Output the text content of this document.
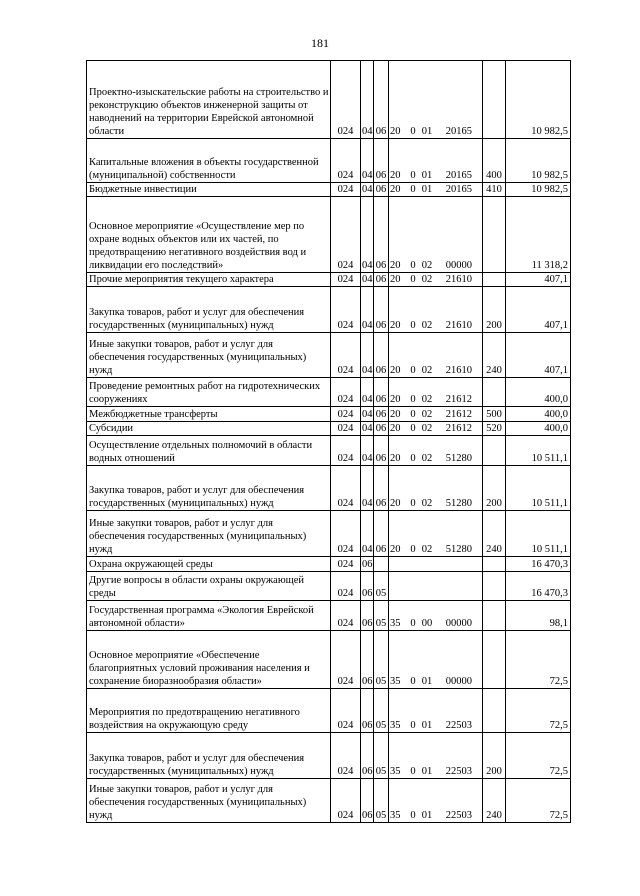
181
Проектно-изыскательские работы на строительство и реконструкцию объектов инженерной защиты от наводнений на территории Еврейской автономной области	024	04	06	20 0 01 20165		10 982,5
Капитальные вложения в объекты государственной (муниципальной) собственности	024	04	06	20 0 01 20165	400	10 982,5
Бюджетные инвестиции	024	04	06	20 0 01 20165	410	10 982,5
Основное мероприятие «Осуществление мер по охране водных объектов или их частей, по предотвращению негативного воздействия вод и ликвидации его последствий»	024	04	06	20 0 02 00000		11 318,2
Прочие мероприятия текущего характера	024	04	06	20 0 02 21610		407,1
Закупка товаров, работ и услуг для обеспечения государственных (муниципальных) нужд	024	04	06	20 0 02 21610	200	407,1
Иные закупки товаров, работ и услуг для обеспечения государственных (муниципальных) нужд	024	04	06	20 0 02 21610	240	407,1
Проведение ремонтных работ на гидротехнических сооружениях	024	04	06	20 0 02 21612		400,0
Межбюджетные трансферты	024	04	06	20 0 02 21612	500	400,0
Субсидии	024	04	06	20 0 02 21612	520	400,0
Осуществление отдельных полномочий в области водных отношений	024	04	06	20 0 02 51280		10 511,1
Закупка товаров, работ и услуг для обеспечения государственных (муниципальных) нужд	024	04	06	20 0 02 51280	200	10 511,1
Иные закупки товаров, работ и услуг для обеспечения государственных (муниципальных) нужд	024	04	06	20 0 02 51280	240	10 511,1
Охрана окружающей среды	024	06				16 470,3
Другие вопросы в области охраны окружающей среды	024	06	05			16 470,3
Государственная программа «Экология Еврейской автономной области»	024	06	05	35 0 00 00000		98,1
Основное мероприятие «Обеспечение благоприятных условий проживания населения и сохранение биоразнообразия области»	024	06	05	35 0 01 00000		72,5
Мероприятия по предотвращению негативного воздействия на окружающую среду	024	06	05	35 0 01 22503		72,5
Закупка товаров, работ и услуг для обеспечения государственных (муниципальных) нужд	024	06	05	35 0 01 22503	200	72,5
Иные закупки товаров, работ и услуг для обеспечения государственных (муниципальных) нужд	024	06	05	35 0 01 22503	240	72,5
